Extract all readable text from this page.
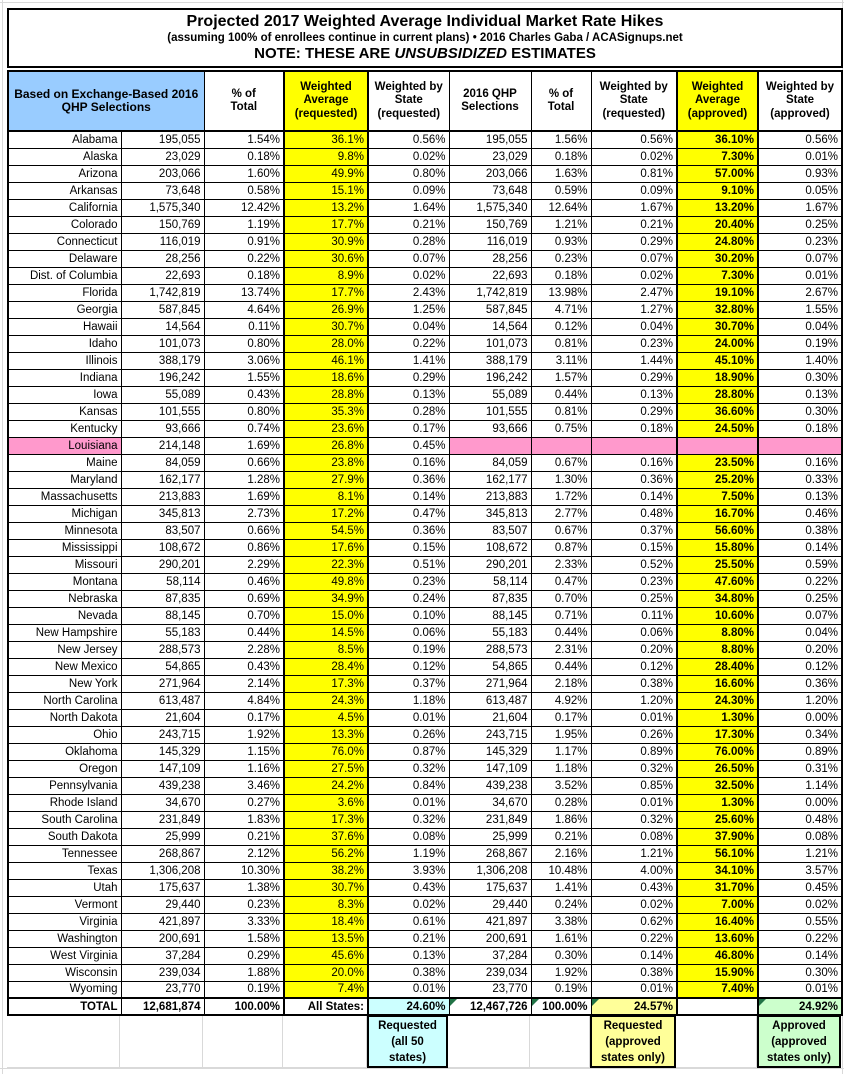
Projected 2017 Weighted Average Individual Market Rate Hikes
(assuming 100% of enrollees continue in current plans) • 2016 Charles Gaba / ACASignups.net
NOTE: THESE ARE UNSUBSIDIZED ESTIMATES
Based on Exchange-Based 2016 QHP Selections		% of Total	Weighted Average (requested)	Weighted by State (requested)	2016 QHP Selections	% of Total	Weighted by State (requested)	Weighted Average (approved)	Weighted by State (approved)
Alabama	195,055	1.54%	36.1%	0.56%	195,055	1.56%	0.56%	36.10%	0.56%
Alaska	23,029	0.18%	9.8%	0.02%	23,029	0.18%	0.02%	7.30%	0.01%
Arizona	203,066	1.60%	49.9%	0.80%	203,066	1.63%	0.81%	57.00%	0.93%
Arkansas	73,648	0.58%	15.1%	0.09%	73,648	0.59%	0.09%	9.10%	0.05%
California	1,575,340	12.42%	13.2%	1.64%	1,575,340	12.64%	1.67%	13.20%	1.67%
Colorado	150,769	1.19%	17.7%	0.21%	150,769	1.21%	0.21%	20.40%	0.25%
Connecticut	116,019	0.91%	30.9%	0.28%	116,019	0.93%	0.29%	24.80%	0.23%
Delaware	28,256	0.22%	30.6%	0.07%	28,256	0.23%	0.07%	30.20%	0.07%
Dist. of Columbia	22,693	0.18%	8.9%	0.02%	22,693	0.18%	0.02%	7.30%	0.01%
Florida	1,742,819	13.74%	17.7%	2.43%	1,742,819	13.98%	2.47%	19.10%	2.67%
Georgia	587,845	4.64%	26.9%	1.25%	587,845	4.71%	1.27%	32.80%	1.55%
Hawaii	14,564	0.11%	30.7%	0.04%	14,564	0.12%	0.04%	30.70%	0.04%
Idaho	101,073	0.80%	28.0%	0.22%	101,073	0.81%	0.23%	24.00%	0.19%
Illinois	388,179	3.06%	46.1%	1.41%	388,179	3.11%	1.44%	45.10%	1.40%
Indiana	196,242	1.55%	18.6%	0.29%	196,242	1.57%	0.29%	18.90%	0.30%
Iowa	55,089	0.43%	28.8%	0.13%	55,089	0.44%	0.13%	28.80%	0.13%
Kansas	101,555	0.80%	35.3%	0.28%	101,555	0.81%	0.29%	36.60%	0.30%
Kentucky	93,666	0.74%	23.6%	0.17%	93,666	0.75%	0.18%	24.50%	0.18%
Louisiana	214,148	1.69%	26.8%	0.45%					
Maine	84,059	0.66%	23.8%	0.16%	84,059	0.67%	0.16%	23.50%	0.16%
Maryland	162,177	1.28%	27.9%	0.36%	162,177	1.30%	0.36%	25.20%	0.33%
Massachusetts	213,883	1.69%	8.1%	0.14%	213,883	1.72%	0.14%	7.50%	0.13%
Michigan	345,813	2.73%	17.2%	0.47%	345,813	2.77%	0.48%	16.70%	0.46%
Minnesota	83,507	0.66%	54.5%	0.36%	83,507	0.67%	0.37%	56.60%	0.38%
Mississippi	108,672	0.86%	17.6%	0.15%	108,672	0.87%	0.15%	15.80%	0.14%
Missouri	290,201	2.29%	22.3%	0.51%	290,201	2.33%	0.52%	25.50%	0.59%
Montana	58,114	0.46%	49.8%	0.23%	58,114	0.47%	0.23%	47.60%	0.22%
Nebraska	87,835	0.69%	34.9%	0.24%	87,835	0.70%	0.25%	34.80%	0.25%
Nevada	88,145	0.70%	15.0%	0.10%	88,145	0.71%	0.11%	10.60%	0.07%
New Hampshire	55,183	0.44%	14.5%	0.06%	55,183	0.44%	0.06%	8.80%	0.04%
New Jersey	288,573	2.28%	8.5%	0.19%	288,573	2.31%	0.20%	8.80%	0.20%
New Mexico	54,865	0.43%	28.4%	0.12%	54,865	0.44%	0.12%	28.40%	0.12%
New York	271,964	2.14%	17.3%	0.37%	271,964	2.18%	0.38%	16.60%	0.36%
North Carolina	613,487	4.84%	24.3%	1.18%	613,487	4.92%	1.20%	24.30%	1.20%
North Dakota	21,604	0.17%	4.5%	0.01%	21,604	0.17%	0.01%	1.30%	0.00%
Ohio	243,715	1.92%	13.3%	0.26%	243,715	1.95%	0.26%	17.30%	0.34%
Oklahoma	145,329	1.15%	76.0%	0.87%	145,329	1.17%	0.89%	76.00%	0.89%
Oregon	147,109	1.16%	27.5%	0.32%	147,109	1.18%	0.32%	26.50%	0.31%
Pennsylvania	439,238	3.46%	24.2%	0.84%	439,238	3.52%	0.85%	32.50%	1.14%
Rhode Island	34,670	0.27%	3.6%	0.01%	34,670	0.28%	0.01%	1.30%	0.00%
South Carolina	231,849	1.83%	17.3%	0.32%	231,849	1.86%	0.32%	25.60%	0.48%
South Dakota	25,999	0.21%	37.6%	0.08%	25,999	0.21%	0.08%	37.90%	0.08%
Tennessee	268,867	2.12%	56.2%	1.19%	268,867	2.16%	1.21%	56.10%	1.21%
Texas	1,306,208	10.30%	38.2%	3.93%	1,306,208	10.48%	4.00%	34.10%	3.57%
Utah	175,637	1.38%	30.7%	0.43%	175,637	1.41%	0.43%	31.70%	0.45%
Vermont	29,440	0.23%	8.3%	0.02%	29,440	0.24%	0.02%	7.00%	0.02%
Virginia	421,897	3.33%	18.4%	0.61%	421,897	3.38%	0.62%	16.40%	0.55%
Washington	200,691	1.58%	13.5%	0.21%	200,691	1.61%	0.22%	13.60%	0.22%
West Virginia	37,284	0.29%	45.6%	0.13%	37,284	0.30%	0.14%	46.80%	0.14%
Wisconsin	239,034	1.88%	20.0%	0.38%	239,034	1.92%	0.38%	15.90%	0.30%
Wyoming	23,770	0.19%	7.4%	0.01%	23,770	0.19%	0.01%	7.40%	0.01%
TOTAL	12,681,874	100.00%	All States:	24.60%	12,467,726	100.00%	24.57%		24.92%
Requested
(all 50
states)
Requested
(approved
states only)
Approved
(approved
states only)
